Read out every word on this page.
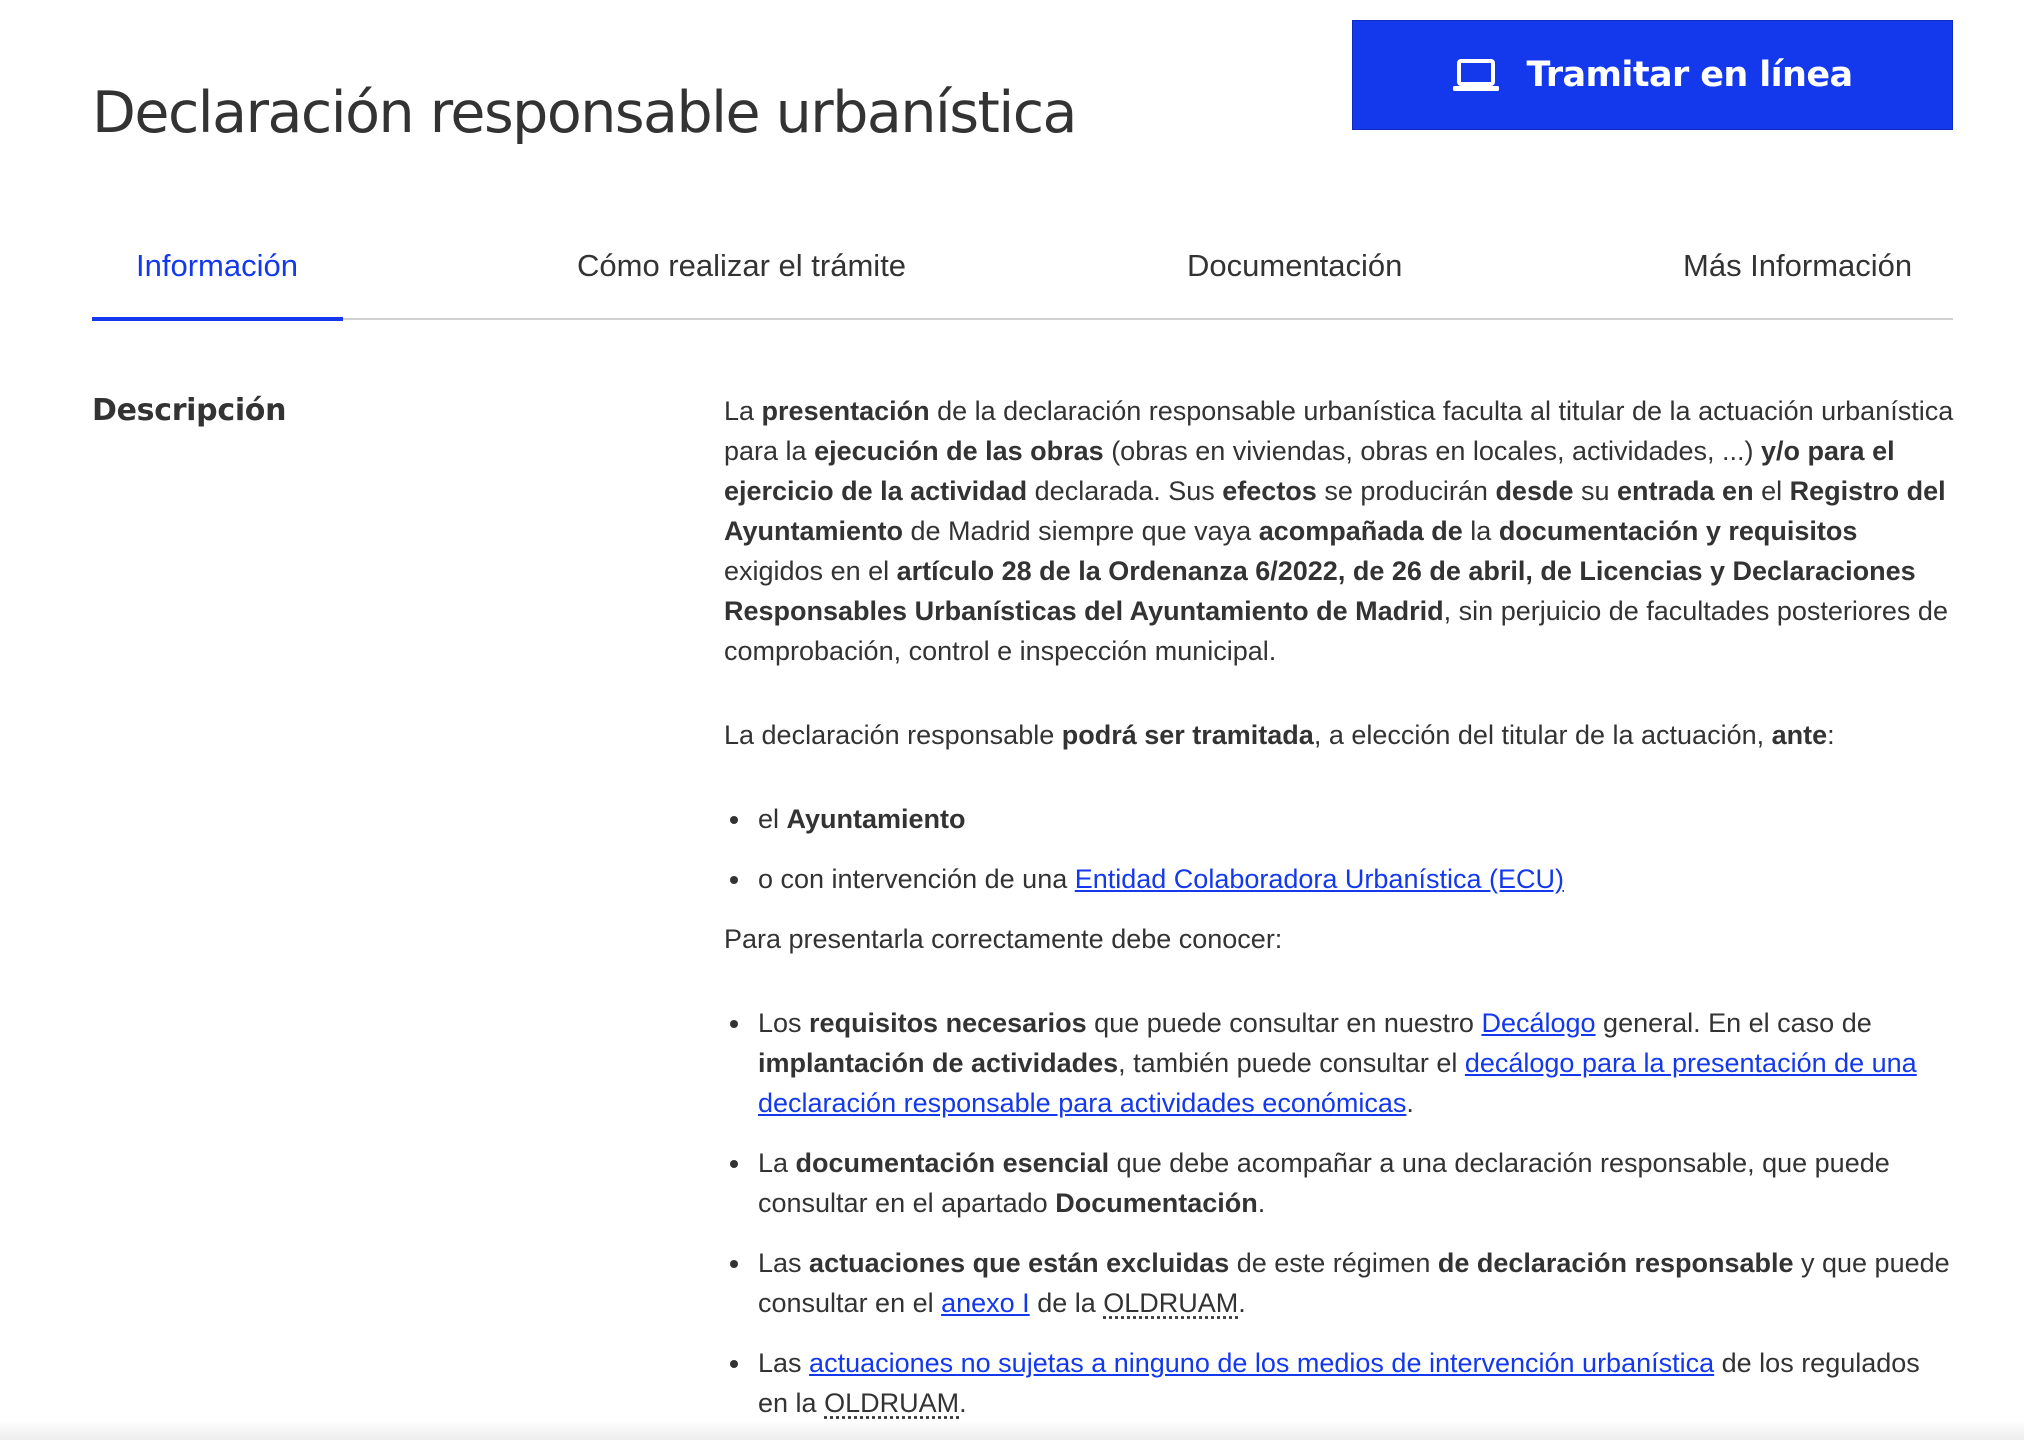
Declaración responsable urbanística
Tramitar en línea
Información	Cómo realizar el trámite	Documentación	Más Información
Descripción	La presentación de la declaración responsable urbanística faculta al titular de la actuación urbanística para la ejecución de las obras (obras en viviendas, obras en locales, actividades, ...) y/o para el ejercicio de la actividad declarada. Sus efectos se producirán desde su entrada en el Registro del Ayuntamiento de Madrid siempre que vaya acompañada de la documentación y requisitos exigidos en el artículo 28 de la Ordenanza 6/2022, de 26 de abril, de Licencias y Declaraciones Responsables Urbanísticas del Ayuntamiento de Madrid, sin perjuicio de facultades posteriores de comprobación, control e inspección municipal.

La declaración responsable podrá ser tramitada, a elección del titular de la actuación, ante:

el Ayuntamiento
o con intervención de una Entidad Colaboradora Urbanística (ECU)

Para presentarla correctamente debe conocer:

Los requisitos necesarios que puede consultar en nuestro Decálogo general. En el caso de implantación de actividades, también puede consultar el decálogo para la presentación de una declaración responsable para actividades económicas.
La documentación esencial que debe acompañar a una declaración responsable, que puede consultar en el apartado Documentación.
Las actuaciones que están excluidas de este régimen de declaración responsable y que puede consultar en el anexo I de la OLDRUAM.
Las actuaciones no sujetas a ninguno de los medios de intervención urbanística de los regulados en la OLDRUAM.
